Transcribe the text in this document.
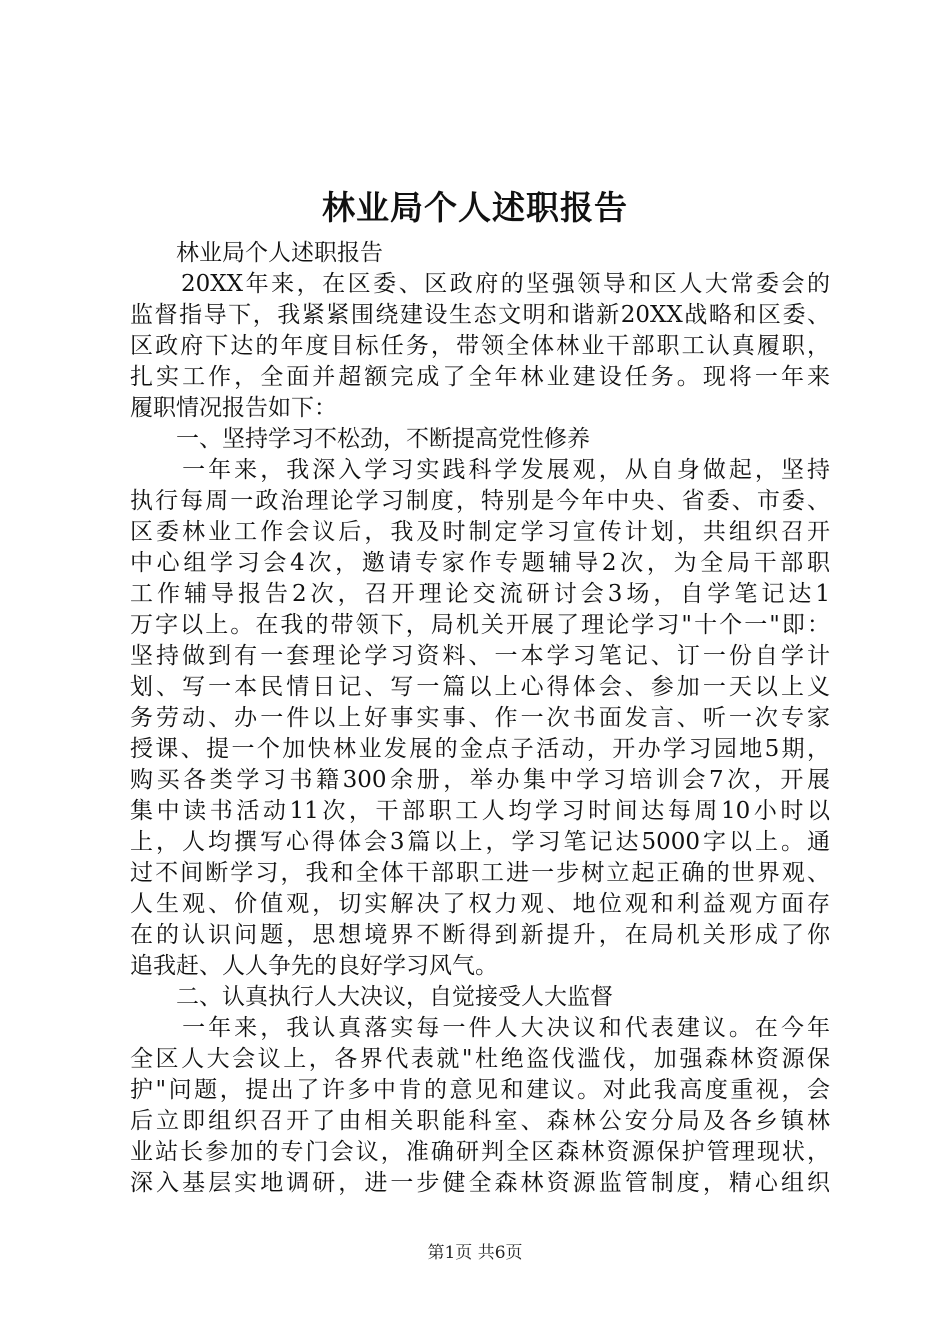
林业局个人述职报告
　　林业局个人述职报告
　　20XX年来，在区委、区政府的坚强领导和区人大常委会的
监督指导下，我紧紧围绕建设生态文明和谐新20XX战略和区委、
区政府下达的年度目标任务，带领全体林业干部职工认真履职，
扎实工作，全面并超额完成了全年林业建设任务。现将一年来
履职情况报告如下：
　　一、坚持学习不松劲，不断提高党性修养
　　一年来，我深入学习实践科学发展观，从自身做起，坚持
执行每周一政治理论学习制度，特别是今年中央、省委、市委、
区委林业工作会议后，我及时制定学习宣传计划，共组织召开
中心组学习会4次，邀请专家作专题辅导2次，为全局干部职
工作辅导报告2次，召开理论交流研讨会3场，自学笔记达1
万字以上。在我的带领下，局机关开展了理论学习"十个一"即：
坚持做到有一套理论学习资料、一本学习笔记、订一份自学计
划、写一本民情日记、写一篇以上心得体会、参加一天以上义
务劳动、办一件以上好事实事、作一次书面发言、听一次专家
授课、提一个加快林业发展的金点子活动，开办学习园地5期，
购买各类学习书籍300余册，举办集中学习培训会7次，开展
集中读书活动11次，干部职工人均学习时间达每周10小时以
上，人均撰写心得体会3篇以上，学习笔记达5000字以上。通
过不间断学习，我和全体干部职工进一步树立起正确的世界观、
人生观、价值观，切实解决了权力观、地位观和利益观方面存
在的认识问题，思想境界不断得到新提升，在局机关形成了你
追我赶、人人争先的良好学习风气。
　　二、认真执行人大决议，自觉接受人大监督
　　一年来，我认真落实每一件人大决议和代表建议。在今年
全区人大会议上，各界代表就"杜绝盗伐滥伐，加强森林资源保
护"问题，提出了许多中肯的意见和建议。对此我高度重视，会
后立即组织召开了由相关职能科室、森林公安分局及各乡镇林
业站长参加的专门会议，准确研判全区森林资源保护管理现状，
深入基层实地调研，进一步健全森林资源监管制度，精心组织
第1页 共6页
